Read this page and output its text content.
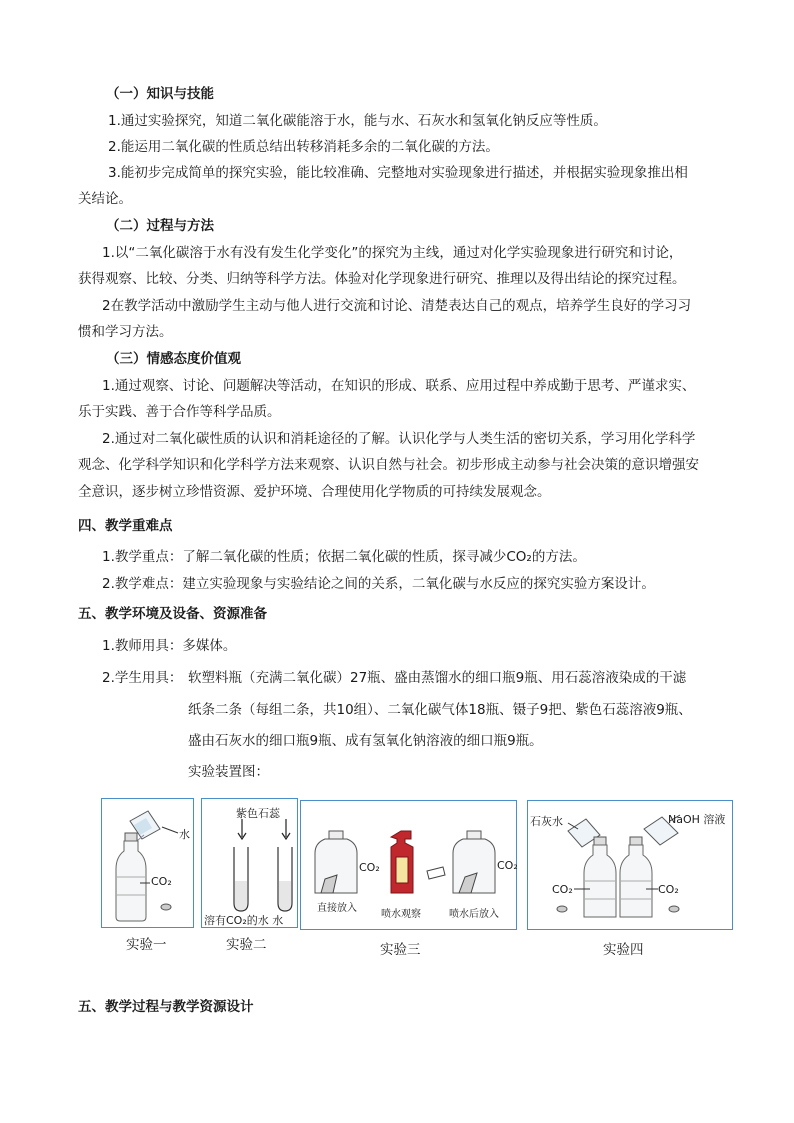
（一）知识与技能
1.通过实验探究，知道二氧化碳能溶于水，能与水、石灰水和氢氧化钠反应等性质。
2.能运用二氧化碳的性质总结出转移消耗多余的二氧化碳的方法。
3.能初步完成简单的探究实验，能比较准确、完整地对实验现象进行描述，并根据实验现象推出相
关结论。
（二）过程与方法
1.以“二氧化碳溶于水有没有发生化学变化”的探究为主线，通过对化学实验现象进行研究和讨论，
获得观察、比较、分类、归纳等科学方法。体验对化学现象进行研究、推理以及得出结论的探究过程。
2在教学活动中激励学生主动与他人进行交流和讨论、清楚表达自己的观点，培养学生良好的学习习
惯和学习方法。
（三）情感态度价值观
1.通过观察、讨论、问题解决等活动，在知识的形成、联系、应用过程中养成勤于思考、严谨求实、
乐于实践、善于合作等科学品质。
2.通过对二氧化碳性质的认识和消耗途径的了解。认识化学与人类生活的密切关系，学习用化学科学
观念、化学科学知识和化学科学方法来观察、认识自然与社会。初步形成主动参与社会决策的意识增强安
全意识，逐步树立珍惜资源、爱护环境、合理使用化学物质的可持续发展观念。
四、教学重难点
1.教学重点：了解二氧化碳的性质；依据二氧化碳的性质，探寻减少CO₂的方法。
2.教学难点：建立实验现象与实验结论之间的关系，二氧化碳与水反应的探究实验方案设计。
五、教学环境及设备、资源准备
1.教师用具：多媒体。
2.学生用具： 软塑料瓶（充满二氧化碳）27瓶、盛由蒸馏水的细口瓶9瓶、用石蕊溶液染成的干滤
纸条二条（每组二条，共10组）、二氧化碳气体18瓶、镊子9把、紫色石蕊溶液9瓶、
盛由石灰水的细口瓶9瓶、成有氢氧化钠溶液的细口瓶9瓶。
实验装置图：
水
CO₂
实验一
紫色石蕊
溶有CO₂的水 水
实验二
CO₂	CO₂
直接放入
喷水观察	喷水后放入
实验三
石灰水	NaOH 溶液
CO₂	CO₂
实验四
五、教学过程与教学资源设计
